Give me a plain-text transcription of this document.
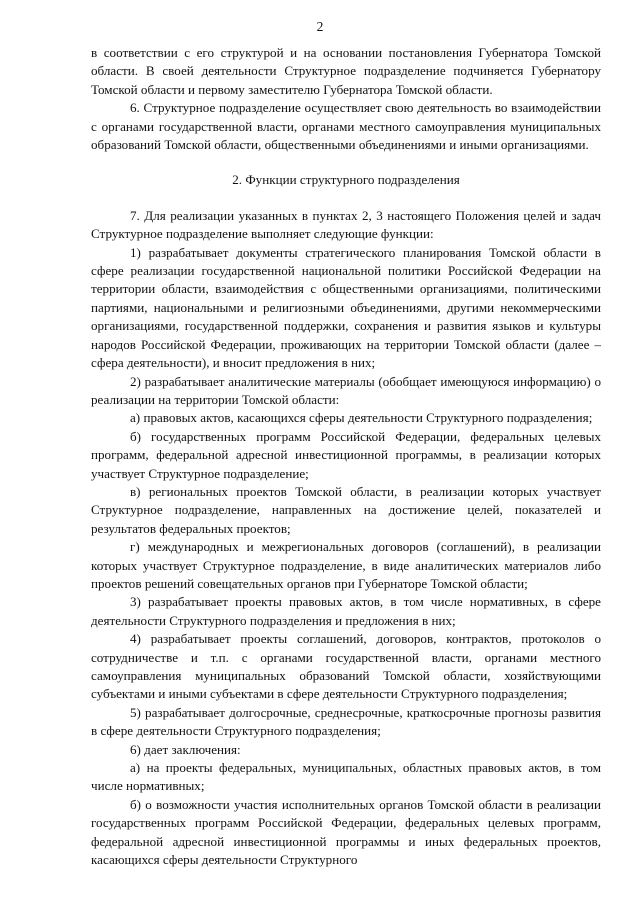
2

в соответствии с его структурой и на основании постановления Губернатора Томской области. В своей деятельности Структурное подразделение подчиняется Губернатору Томской области и первому заместителю Губернатора Томской области.

6. Структурное подразделение осуществляет свою деятельность во взаимодействии с органами государственной власти, органами местного самоуправления муниципальных образований Томской области, общественными объединениями и иными организациями.

2. Функции структурного подразделения

7. Для реализации указанных в пунктах 2, 3 настоящего Положения целей и задач Структурное подразделение выполняет следующие функции:

1) разрабатывает документы стратегического планирования Томской области в сфере реализации государственной национальной политики Российской Федерации на территории области, взаимодействия с общественными организациями, политическими партиями, национальными и религиозными объединениями, другими некоммерческими организациями, государственной поддержки, сохранения и развития языков и культуры народов Российской Федерации, проживающих на территории Томской области (далее – сфера деятельности), и вносит предложения в них;

2) разрабатывает аналитические материалы (обобщает имеющуюся информацию) о реализации на территории Томской области:

а) правовых актов, касающихся сферы деятельности Структурного подразделения;

б) государственных программ Российской Федерации, федеральных целевых программ, федеральной адресной инвестиционной программы, в реализации которых участвует Структурное подразделение;

в) региональных проектов Томской области, в реализации которых участвует Структурное подразделение, направленных на достижение целей, показателей и результатов федеральных проектов;

г) международных и межрегиональных договоров (соглашений), в реализации которых участвует Структурное подразделение, в виде аналитических материалов либо проектов решений совещательных органов при Губернаторе Томской области;

3) разрабатывает проекты правовых актов, в том числе нормативных, в сфере деятельности Структурного подразделения и предложения в них;

4) разрабатывает проекты соглашений, договоров, контрактов, протоколов о сотрудничестве и т.п. с органами государственной власти, органами местного самоуправления муниципальных образований Томской области, хозяйствующими субъектами и иными субъектами в сфере деятельности Структурного подразделения;

5) разрабатывает долгосрочные, среднесрочные, краткосрочные прогнозы развития в сфере деятельности Структурного подразделения;

6) дает заключения:

а) на проекты федеральных, муниципальных, областных правовых актов, в том числе нормативных;

б) о возможности участия исполнительных органов Томской области в реализации государственных программ Российской Федерации, федеральных целевых программ, федеральной адресной инвестиционной программы и иных федеральных проектов, касающихся сферы деятельности Структурного
